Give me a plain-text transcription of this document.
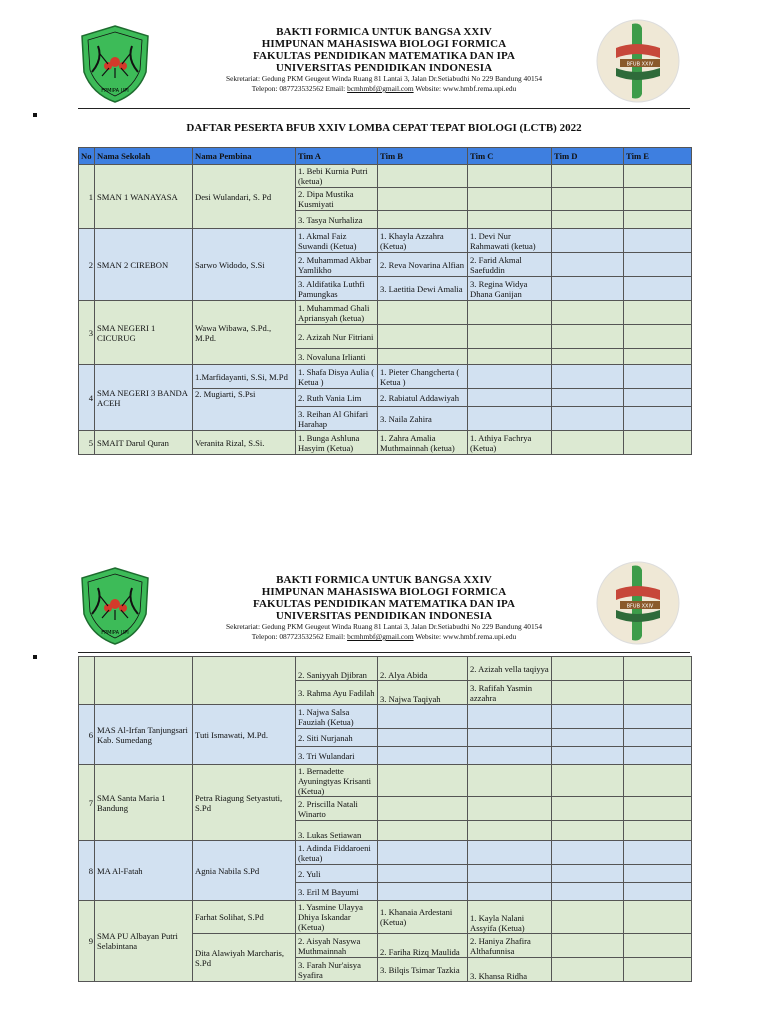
FPMIPA UPI
BAKTI FORMICA UNTUK BANGSA XXIV
HIMPUNAN MAHASISWA BIOLOGI FORMICA
FAKULTAS PENDIDIKAN MATEMATIKA DAN IPA
UNIVERSITAS PENDIDIKAN INDONESIA
Sekretariat: Gedung PKM Geugeut Winda Ruang 81 Lantai 3, Jalan Dr.Setiabudhi No 229 Bandung 40154
Telepon: 087723532562 Email: bcmhmbf@gmail.com Website: www.hmbf.rema.upi.edu
BFUB XXIV
DAFTAR PESERTA BFUB XXIV LOMBA CEPAT TEPAT BIOLOGI (LCTB) 2022
No	Nama Sekolah	Nama Pembina	Tim A	Tim B	Tim C	Tim D	Tim E
1	SMAN 1 WANAYASA	Desi Wulandari, S. Pd	1. Bebi Kurnia Putri (ketua)				
			2. Dipa Mustika Kusmiyati				
			3. Tasya Nurhaliza				
2	SMAN 2 CIREBON	Sarwo Widodo, S.Si	1. Akmal Faiz Suwandi (Ketua)	1. Khayla Azzahra (Ketua)	1. Devi Nur Rahmawati (ketua)		
			2. Muhammad Akbar Yamlikho	2. Reva Novarina Alfian	2. Farid Akmal Saefuddin		
			3. Aldifatika Luthfi Pamungkas	3. Laetitia Dewi Amalia	3. Regina Widya Dhana Ganijan		
3	SMA NEGERI 1 CICURUG	Wawa Wibawa, S.Pd., M.Pd.	1. Muhammad Ghali Apriansyah (ketua)				
			2. Azizah Nur Fitriani				
			3. Novaluna Irlianti				
4	SMA NEGERI 3 BANDA ACEH	1.Marfidayanti, S.Si, M.Pd	1. Shafa Disya Aulia ( Ketua )	1. Pieter Changcherta ( Ketua )			
		2. Mugiarti, S.Psi	2. Ruth Vania Lim	2. Rabiatul Addawiyah			
			3. Reihan Al Ghifari Harahap	3. Naila Zahira			
5	SMAIT Darul Quran	Veranita Rizal, S.Si.	1. Bunga Ashluna Hasyim (Ketua)	1. Zahra Amalia Muthmainnah (ketua)	1. Athiya Fachrya (Ketua)		
FPMIPA UPI
BAKTI FORMICA UNTUK BANGSA XXIV
HIMPUNAN MAHASISWA BIOLOGI FORMICA
FAKULTAS PENDIDIKAN MATEMATIKA DAN IPA
UNIVERSITAS PENDIDIKAN INDONESIA
Sekretariat: Gedung PKM Geugeut Winda Ruang 81 Lantai 3, Jalan Dr.Setiabudhi No 229 Bandung 40154
Telepon: 087723532562 Email: bcmhmbf@gmail.com Website: www.hmbf.rema.upi.edu
BFUB XXIV
			2. Saniyyah Djibran	2. Alya Abida	2. Azizah vella taqiyya		
			3. Rahma Ayu Fadilah	3. Najwa Taqiyah	3. Rafifah Yasmin azzahra		
6	MAS Al-Irfan Tanjungsari Kab. Sumedang	Tuti Ismawati, M.Pd.	1. Najwa Salsa Fauziah (Ketua)				
			2. Siti Nurjanah				
			3. Tri Wulandari				
7	SMA Santa Maria 1 Bandung	Petra Riagung Setyastuti, S.Pd	1. Bernadette Ayuningtyas Krisanti (Ketua)				
			2. Priscilla Natali Winarto				
			3. Lukas Setiawan				
8	MA Al-Fatah	Agnia Nabila S.Pd	1. Adinda Fiddaroeni (ketua)				
			2. Yuli				
			3. Eril M Bayumi				
9	SMA PU Albayan Putri Selabintana	Farhat Solihat, S.Pd	1. Yasmine Ulayya Dhiya Iskandar (Ketua)	1. Khanaia Ardestani (Ketua)	1. Kayla Nalani Assyifa (Ketua)		
		Dita Alawiyah Marcharis, S.Pd	2. Aisyah Nasywa Muthmainnah	2. Fariha Rizq Maulida	2. Haniya Zhafira Althafunnisa		
			3. Farah Nur'aisya Syafira	3. Bilqis Tsimar Tazkia	3. Khansa Ridha		
